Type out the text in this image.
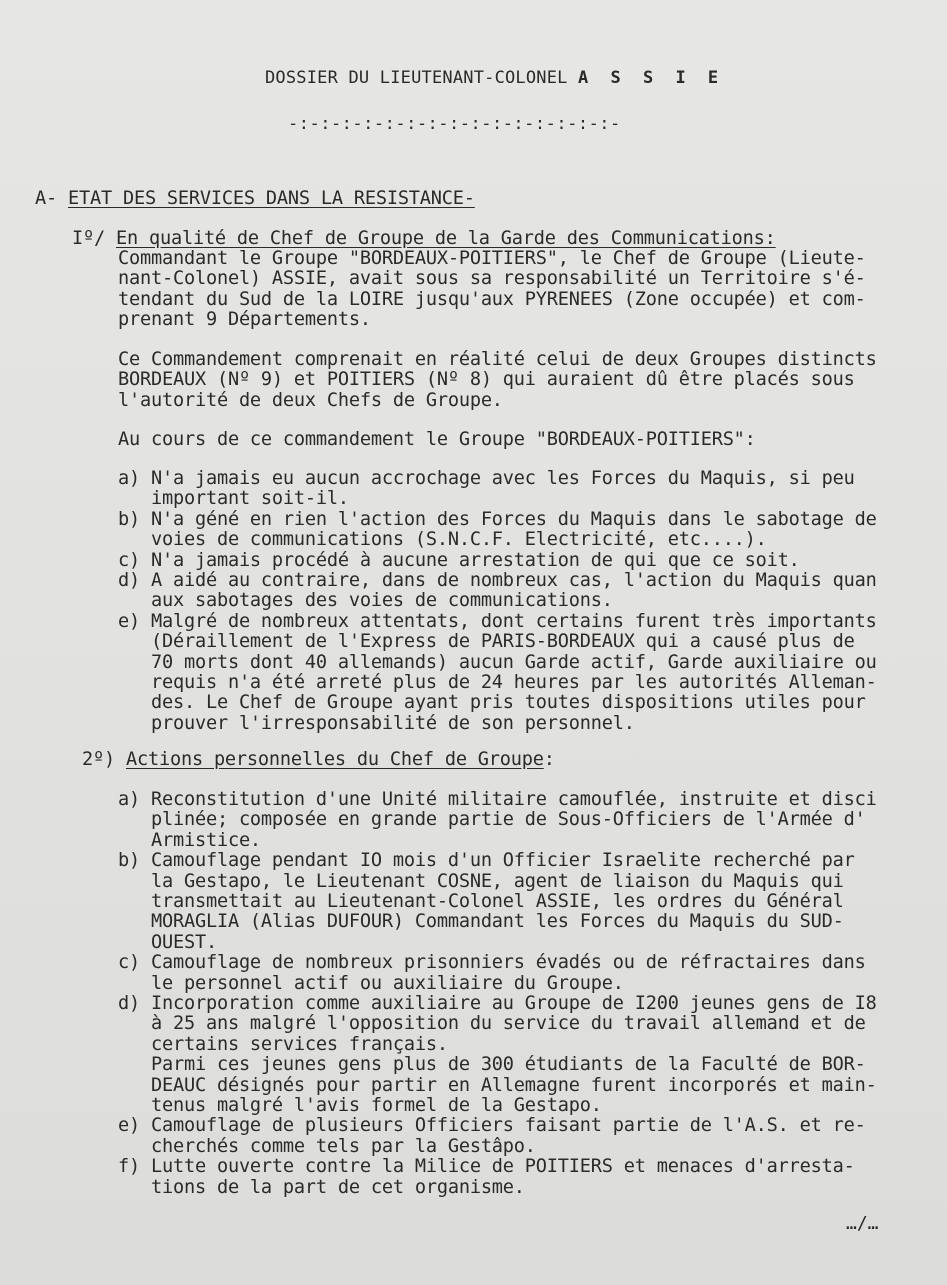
DOSSIER DU LIEUTENANT-COLONEL A S S I E
-:-:-:-:-:-:-:-:-:-:-:-:-:-:-:-
A- ETAT DES SERVICES DANS LA RESISTANCE-
Iº/ En qualité de Chef de Groupe de la Garde des Communications:
Commandant le Groupe "BORDEAUX-POITIERS", le Chef de Groupe (Lieute-
nant-Colonel) ASSIE, avait sous sa responsabilité un Territoire s'é-
tendant du Sud de la LOIRE jusqu'aux PYRENEES (Zone occupée) et com-
prenant 9 Départements.
Ce Commandement comprenait en réalité celui de deux Groupes distincts
BORDEAUX (Nº 9) et POITIERS (Nº 8) qui auraient dû être placés sous
l'autorité de deux Chefs de Groupe.
Au cours de ce commandement le Groupe "BORDEAUX-POITIERS":
a) N'a jamais eu aucun accrochage avec les Forces du Maquis, si peu
important soit-il.
b) N'a géné en rien l'action des Forces du Maquis dans le sabotage de
voies de communications (S.N.C.F. Electricité, etc....).
c) N'a jamais procédé à aucune arrestation de qui que ce soit.
d) A aidé au contraire, dans de nombreux cas, l'action du Maquis quan
aux sabotages des voies de communications.
e) Malgré de nombreux attentats, dont certains furent très importants
(Déraillement de l'Express de PARIS-BORDEAUX qui a causé plus de
70 morts dont 40 allemands) aucun Garde actif, Garde auxiliaire ou
requis n'a été arreté plus de 24 heures par les autorités Alleman-
des. Le Chef de Groupe ayant pris toutes dispositions utiles pour
prouver l'irresponsabilité de son personnel.
2º) Actions personnelles du Chef de Groupe:
a) Reconstitution d'une Unité militaire camouflée, instruite et disci
plinée; composée en grande partie de Sous-Officiers de l'Armée d'
Armistice.
b) Camouflage pendant IO mois d'un Officier Israelite recherché par
la Gestapo, le Lieutenant COSNE, agent de liaison du Maquis qui
transmettait au Lieutenant-Colonel ASSIE, les ordres du Général
MORAGLIA (Alias DUFOUR) Commandant les Forces du Maquis du SUD-
OUEST.
c) Camouflage de nombreux prisonniers évadés ou de réfractaires dans
le personnel actif ou auxiliaire du Groupe.
d) Incorporation comme auxiliaire au Groupe de I200 jeunes gens de I8
à 25 ans malgré l'opposition du service du travail allemand et de
certains services français.
Parmi ces jeunes gens plus de 300 étudiants de la Faculté de BOR-
DEAUC désignés pour partir en Allemagne furent incorporés et main-
tenus malgré l'avis formel de la Gestapo.
e) Camouflage de plusieurs Officiers faisant partie de l'A.S. et re-
cherchés comme tels par la Gestâpo.
f) Lutte ouverte contre la Milice de POITIERS et menaces d'arresta-
tions de la part de cet organisme.
…/…
